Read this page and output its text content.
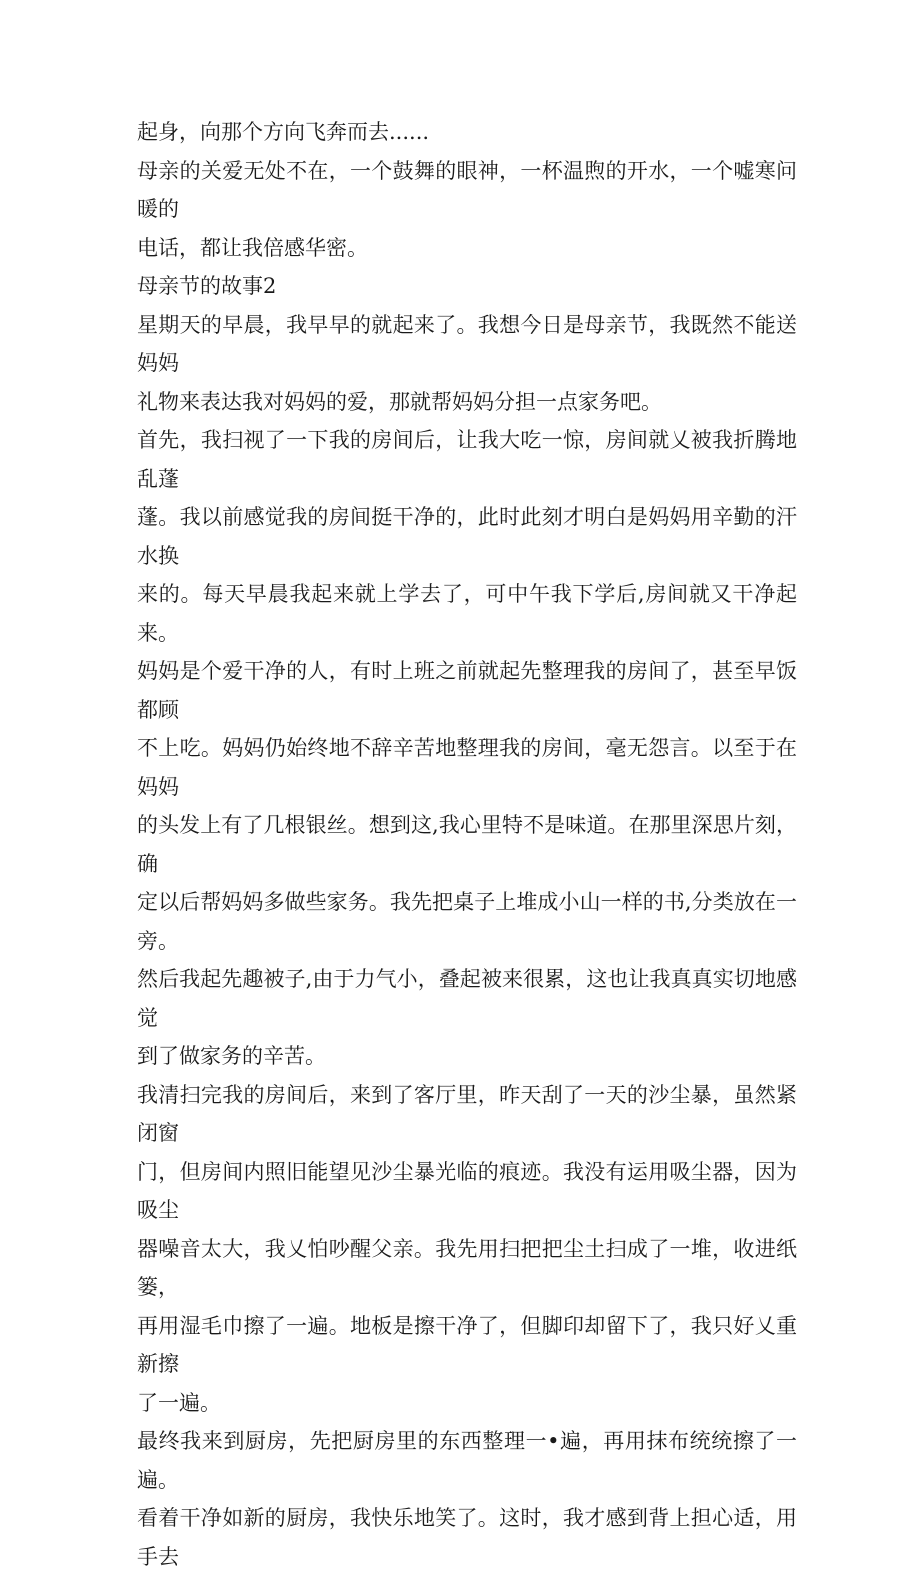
起身，向那个方向飞奔而去......

母亲的关爱无处不在，一个鼓舞的眼神，一杯温煦的开水，一个嘘寒问暖的
电话，都让我倍感华密。

母亲节的故事2

星期天的早晨，我早早的就起来了。我想今日是母亲节，我既然不能送妈妈
礼物来表达我对妈妈的爱，那就帮妈妈分担一点家务吧。

首先，我扫视了一下我的房间后，让我大吃一惊，房间就乂被我折腾地乱蓬
蓬。我以前感觉我的房间挺干净的，此时此刻才明白是妈妈用辛勤的汗水换
来的。每天早晨我起来就上学去了，可中午我下学后,房间就又干净起来。

妈妈是个爱干净的人，有时上班之前就起先整理我的房间了，甚至早饭都顾
不上吃。妈妈仍始终地不辞辛苦地整理我的房间，毫无怨言。以至于在妈妈
的头发上有了几根银丝。想到这,我心里特不是味道。在那里深思片刻，确
定以后帮妈妈多做些家务。我先把桌子上堆成小山一样的书,分类放在一旁。
然后我起先趣被子,由于力气小，叠起被来很累，这也让我真真实切地感觉
到了做家务的辛苦。

我清扫完我的房间后，来到了客厅里，昨天刮了一天的沙尘暴，虽然紧闭窗
门，但房间内照旧能望见沙尘暴光临的痕迹。我没有运用吸尘器，因为吸尘
器噪音太大，我乂怕吵醒父亲。我先用扫把把尘土扫成了一堆，收进纸篓，
再用湿毛巾擦了一遍。地板是擦干净了，但脚印却留下了，我只好乂重新擦
了一遍。

最终我来到厨房，先把厨房里的东西整理一•遍，再用抹布统统擦了一遍。
看着干净如新的厨房，我快乐地笑了。这时，我才感到背上担心适，用手去
